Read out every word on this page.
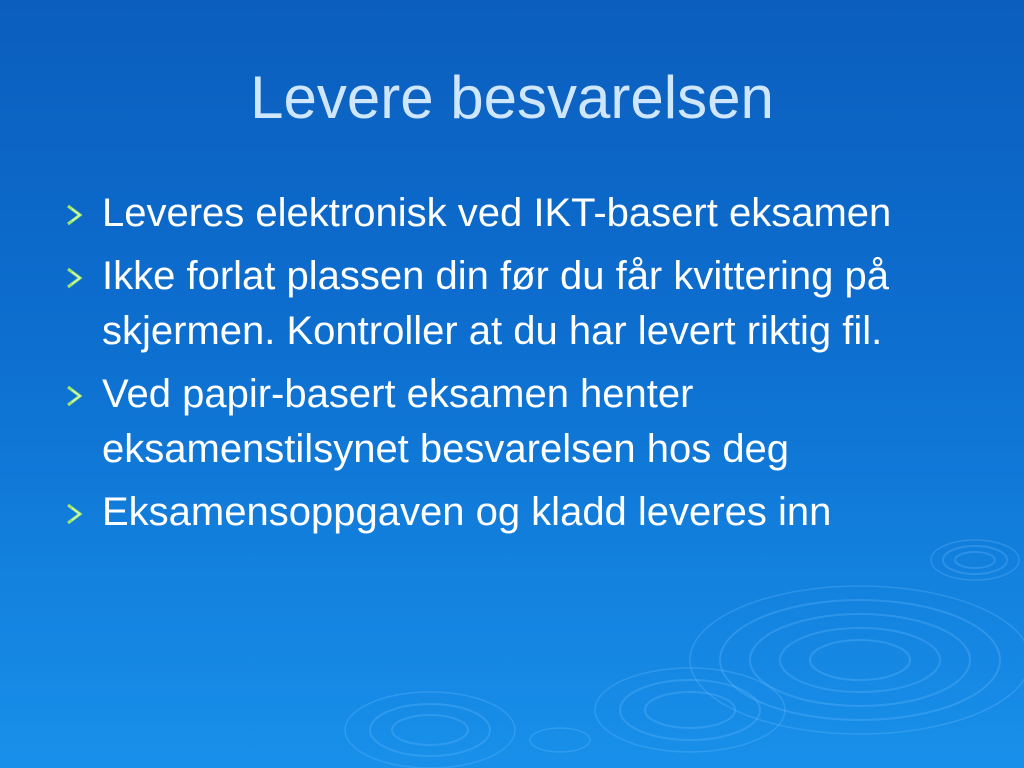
Levere besvarelsen
Leveres elektronisk ved IKT-basert eksamen
Ikke forlat plassen din før du får kvittering på skjermen. Kontroller at du har levert riktig fil.
Ved papir-basert eksamen henter eksamenstilsynet besvarelsen hos deg
Eksamensoppgaven og kladd leveres inn
